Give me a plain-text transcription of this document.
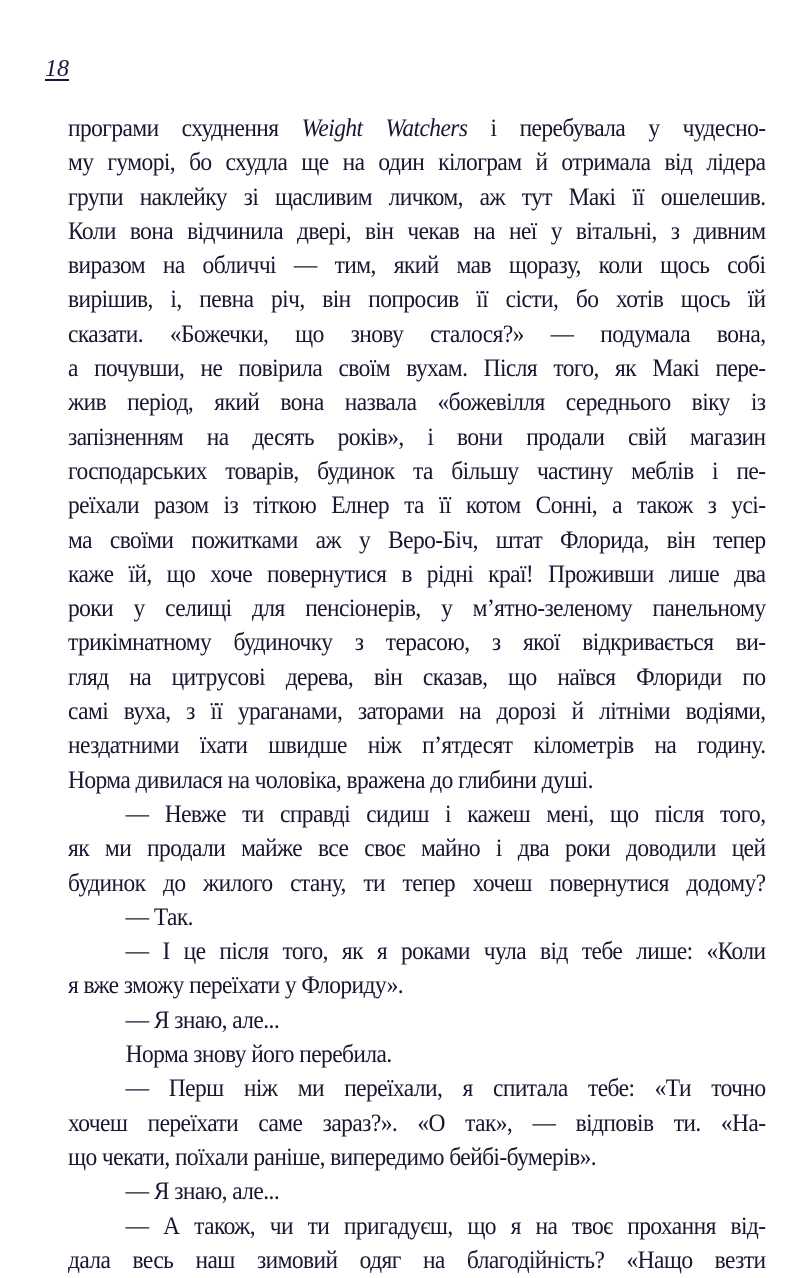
18
програми схуднення Weight Watchers і перебувала у чудесно-
му гуморі, бо схудла ще на один кілограм й отримала від лідера
групи наклейку зі щасливим личком, аж тут Макі її ошелешив.
Коли вона відчинила двері, він чекав на неї у вітальні, з дивним
виразом на обличчі — тим, який мав щоразу, коли щось собі
вирішив, і, певна річ, він попросив її сісти, бо хотів щось їй
сказати. «Божечки, що знову сталося?» — подумала вона,
а почувши, не повірила своїм вухам. Після того, як Макі пере-
жив період, який вона назвала «божевілля середнього віку із
запізненням на десять років», і вони продали свій магазин
господарських товарів, будинок та більшу частину меблів і пе-
реїхали разом із тіткою Елнер та її котом Сонні, а також з усі-
ма своїми пожитками аж у Веро-Біч, штат Флорида, він тепер
каже їй, що хоче повернутися в рідні краї! Проживши лише два
роки у селищі для пенсіонерів, у м’ятно-зеленому панельному
трикімнатному будиночку з терасою, з якої відкривається ви-
гляд на цитрусові дерева, він сказав, що наївся Флориди по
самі вуха, з її ураганами, заторами на дорозі й літніми водіями,
нездатними їхати швидше ніж п’ятдесят кілометрів на годину.
Норма дивилася на чоловіка, вражена до глибини душі.
— Невже ти справді сидиш і кажеш мені, що після того,
як ми продали майже все своє майно і два роки доводили цей
будинок до жилого стану, ти тепер хочеш повернутися додому?
— Так.
— І це після того, як я роками чула від тебе лише: «Коли
я вже зможу переїхати у Флориду».
— Я знаю, але...
Норма знову його перебила.
— Перш ніж ми переїхали, я спитала тебе: «Ти точно
хочеш переїхати саме зараз?». «О так», — відповів ти. «На-
що чекати, поїхали раніше, випередимо бейбі-бумерів».
— Я знаю, але...
— А також, чи ти пригадуєш, що я на твоє прохання від-
дала весь наш зимовий одяг на благодійність? «Нащо везти
